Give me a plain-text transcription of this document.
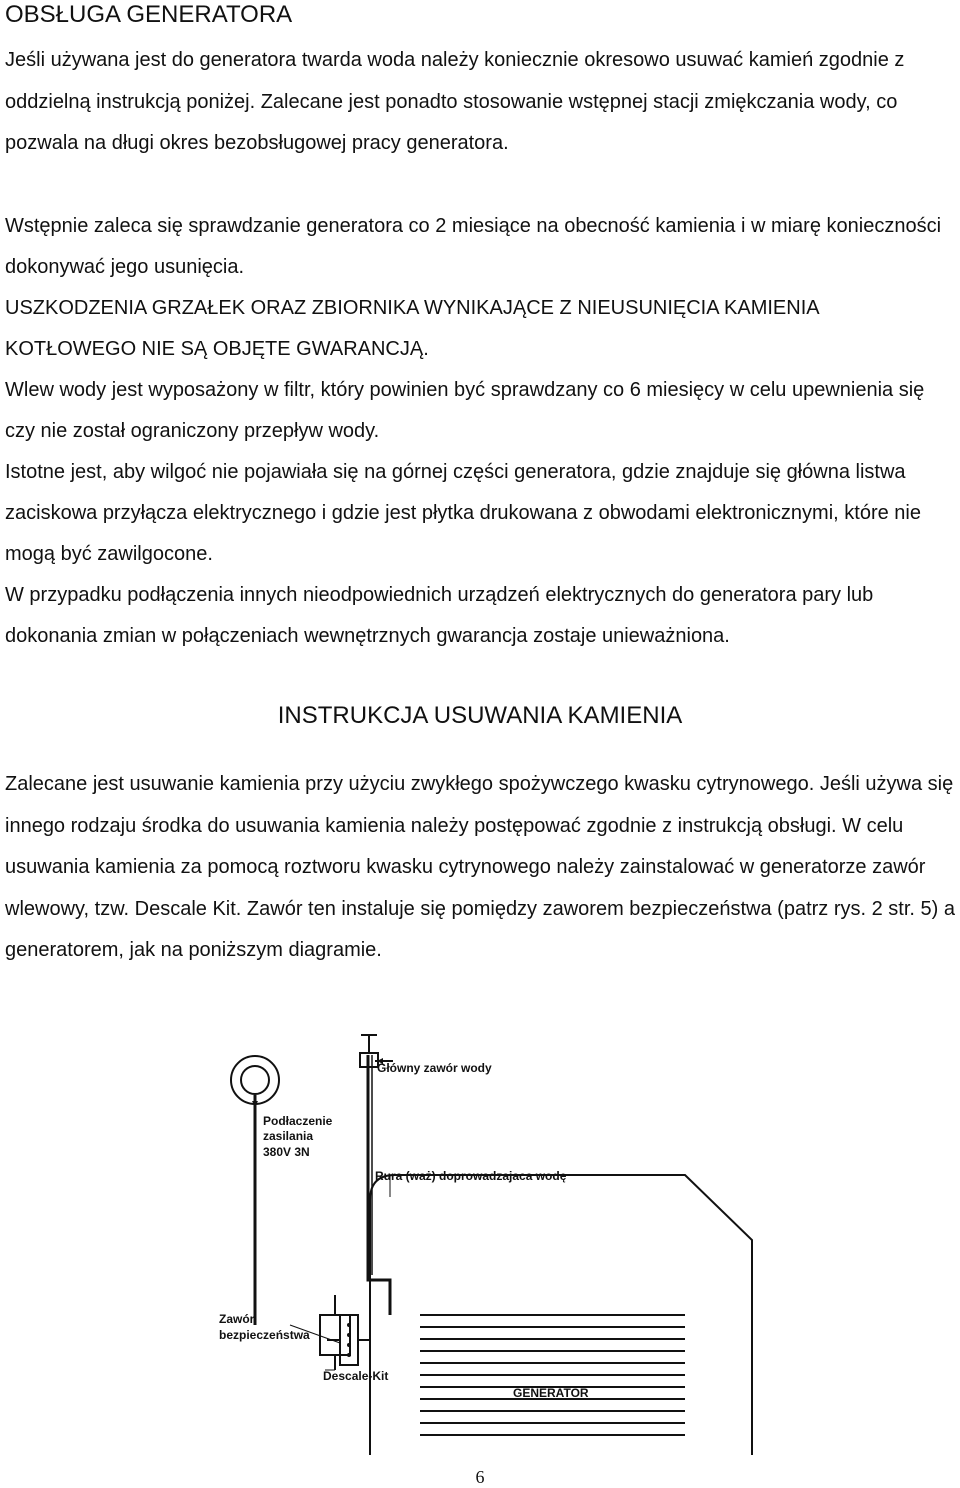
OBSŁUGA GENERATORA

Jeśli używana jest do generatora twarda woda należy koniecznie okresowo usuwać kamień zgodnie z oddzielną instrukcją poniżej. Zalecane jest ponadto stosowanie wstępnej stacji zmiękczania wody, co pozwala na długi okres bezobsługowej pracy generatora.

Wstępnie zaleca się sprawdzanie generatora co 2 miesiące na obecność kamienia i w miarę konieczności dokonywać jego usunięcia.

USZKODZENIA GRZAŁEK ORAZ ZBIORNIKA WYNIKAJĄCE Z NIEUSUNIĘCIA KAMIENIA KOTŁOWEGO NIE SĄ OBJĘTE GWARANCJĄ.

Wlew wody jest wyposażony w filtr, który powinien być sprawdzany co 6 miesięcy w celu upewnienia się czy nie został ograniczony przepływ wody.

Istotne jest, aby wilgoć nie pojawiała się na górnej części generatora, gdzie znajduje się główna listwa zaciskowa przyłącza elektrycznego i gdzie jest płytka drukowana z obwodami elektronicznymi, które nie mogą być zawilgocone.

W przypadku podłączenia innych nieodpowiednich urządzeń elektrycznych do generatora pary lub dokonania zmian w połączeniach wewnętrznych gwarancja zostaje unieważniona.

INSTRUKCJA USUWANIA KAMIENIA

Zalecane jest usuwanie kamienia przy użyciu zwykłego spożywczego kwasku cytrynowego. Jeśli używa się innego rodzaju środka do usuwania kamienia należy postępować zgodnie z instrukcją obsługi. W celu usuwania kamienia za pomocą roztworu kwasku cytrynowego należy zainstalować w generatorze zawór wlewowy, tzw. Descale Kit. Zawór ten instaluje się pomiędzy zaworem bezpieczeństwa (patrz rys. 2 str. 5) a

generatorem, jak na poniższym diagramie.

Główny zawór wody
Podłaczenie
zasilania
380V 3N
Rura (waż) doprowadzajaca wodę
Zawór
bezpieczeństwa
Descale-Kit
GENERATOR
6
